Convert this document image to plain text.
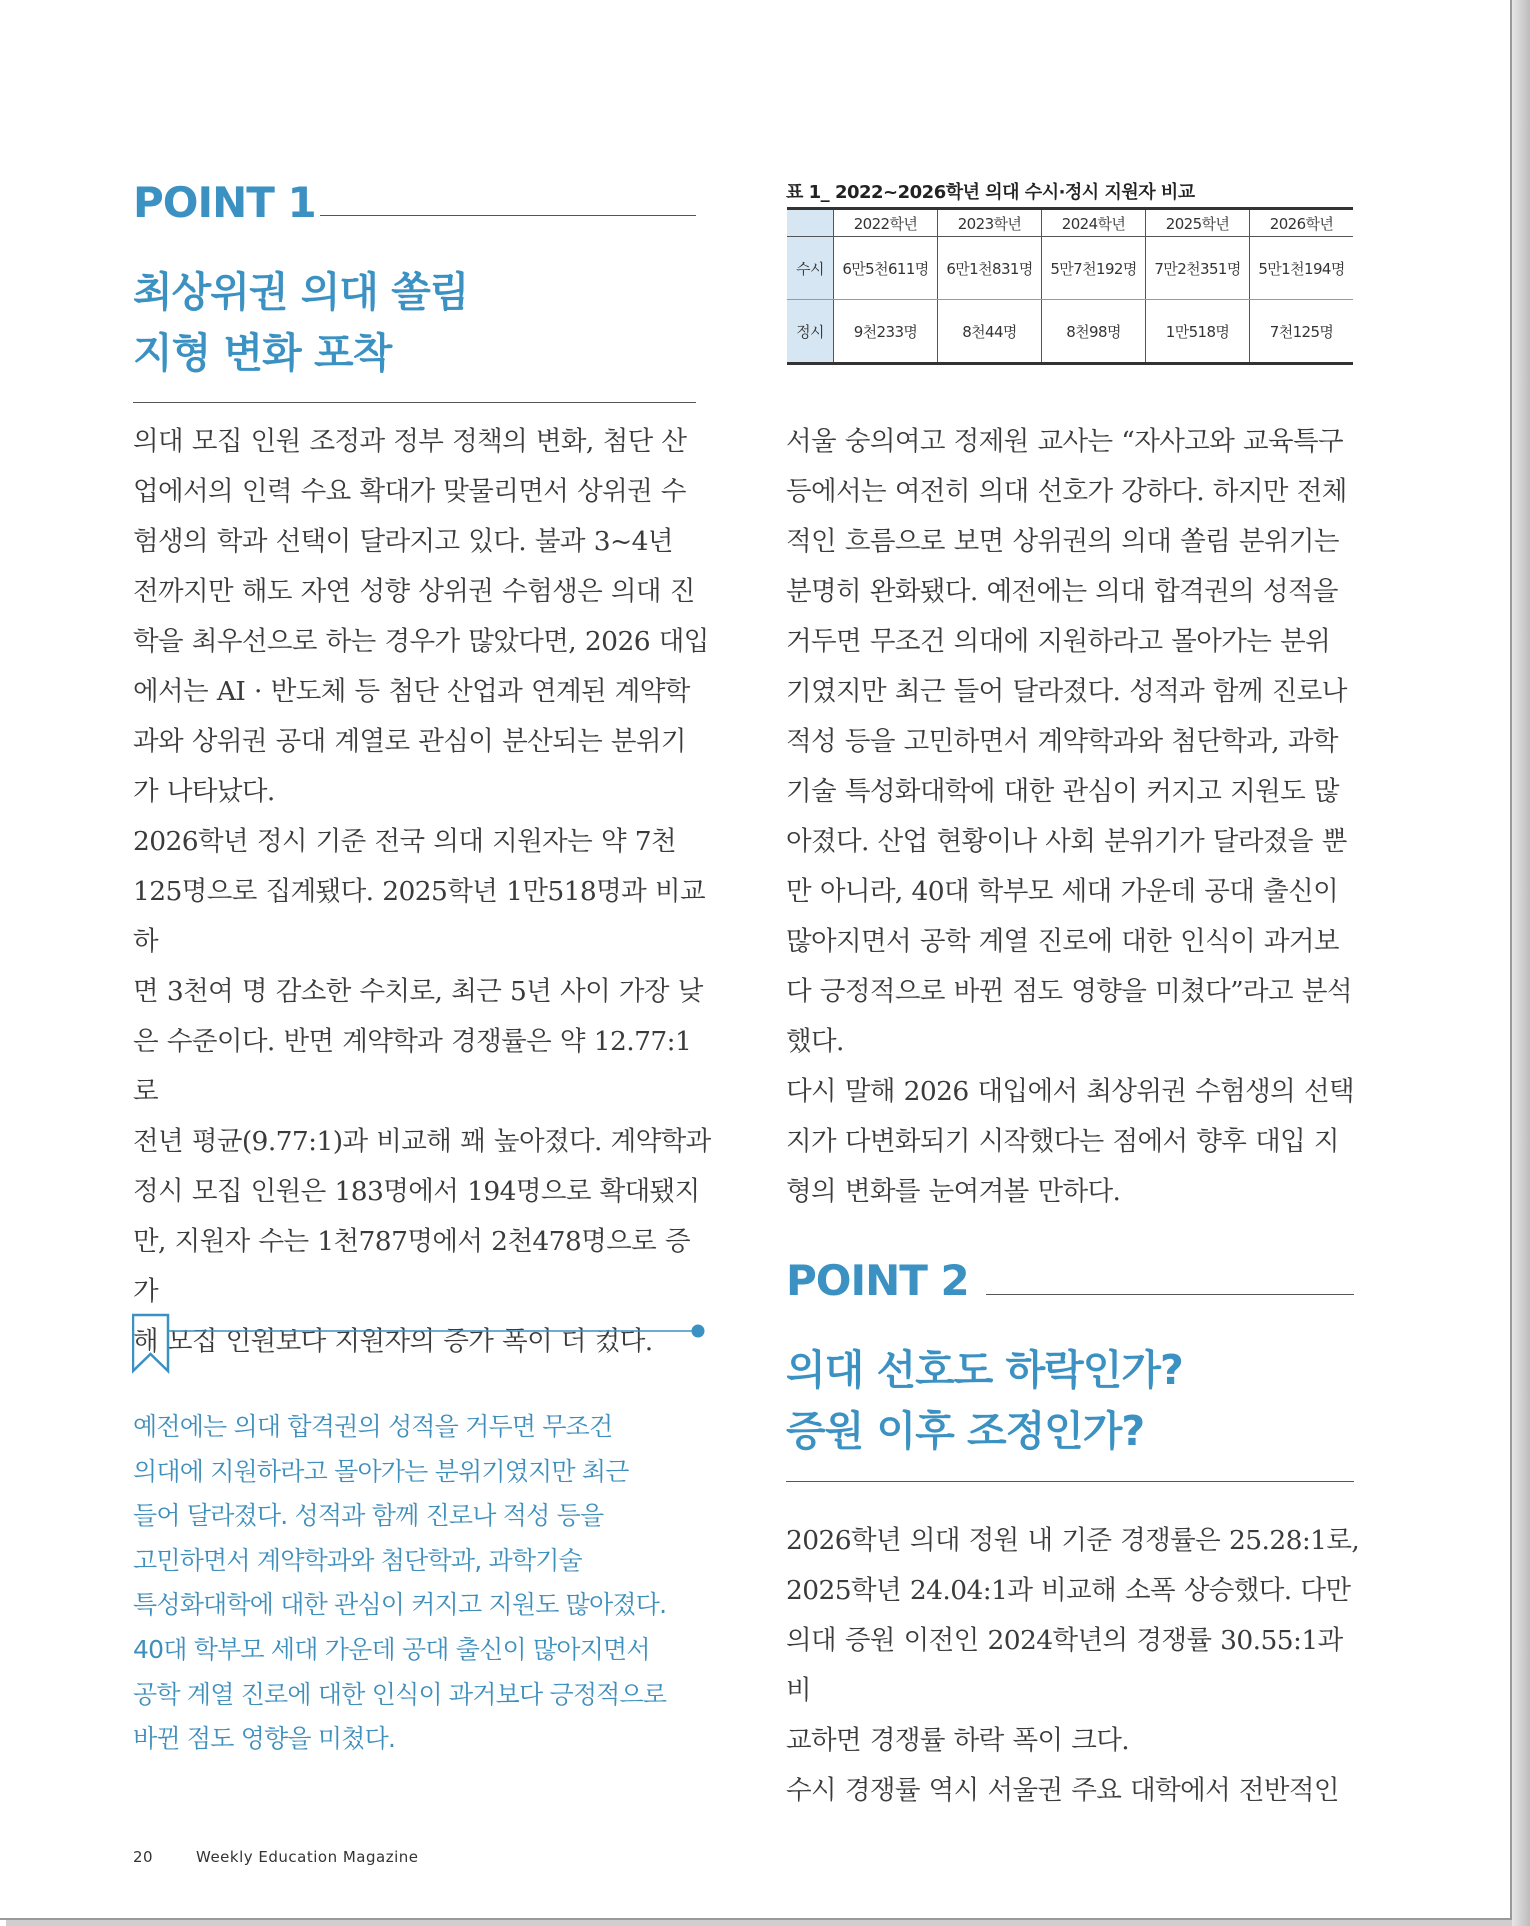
POINT 1
최상위권 의대 쏠림
지형 변화 포착
의대 모집 인원 조정과 정부 정책의 변화, 첨단 산
업에서의 인력 수요 확대가 맞물리면서 상위권 수
험생의 학과 선택이 달라지고 있다. 불과 3~4년
전까지만 해도 자연 성향 상위권 수험생은 의대 진
학을 최우선으로 하는 경우가 많았다면, 2026 대입
에서는 AI · 반도체 등 첨단 산업과 연계된 계약학
과와 상위권 공대 계열로 관심이 분산되는 분위기
가 나타났다.
2026학년 정시 기준 전국 의대 지원자는 약 7천
125명으로 집계됐다. 2025학년 1만518명과 비교하
면 3천여 명 감소한 수치로, 최근 5년 사이 가장 낮
은 수준이다. 반면 계약학과 경쟁률은 약 12.77:1로
전년 평균(9.77:1)과 비교해 꽤 높아졌다. 계약학과
정시 모집 인원은 183명에서 194명으로 확대됐지
만, 지원자 수는 1천787명에서 2천478명으로 증가
해 모집 인원보다 지원자의 증가 폭이 더 컸다.
예전에는 의대 합격권의 성적을 거두면 무조건
의대에 지원하라고 몰아가는 분위기였지만 최근
들어 달라졌다. 성적과 함께 진로나 적성 등을
고민하면서 계약학과와 첨단학과, 과학기술
특성화대학에 대한 관심이 커지고 지원도 많아졌다.
40대 학부모 세대 가운데 공대 출신이 많아지면서
공학 계열 진로에 대한 인식이 과거보다 긍정적으로
바뀐 점도 영향을 미쳤다.
표 1_ 2022~2026학년 의대 수시·정시 지원자 비교
	2022학년	2023학년	2024학년	2025학년	2026학년
수시	6만5천611명	6만1천831명	5만7천192명	7만2천351명	5만1천194명
정시	9천233명	8천44명	8천98명	1만518명	7천125명
서울 숭의여고 정제원 교사는 “자사고와 교육특구
등에서는 여전히 의대 선호가 강하다. 하지만 전체
적인 흐름으로 보면 상위권의 의대 쏠림 분위기는
분명히 완화됐다. 예전에는 의대 합격권의 성적을
거두면 무조건 의대에 지원하라고 몰아가는 분위
기였지만 최근 들어 달라졌다. 성적과 함께 진로나
적성 등을 고민하면서 계약학과와 첨단학과, 과학
기술 특성화대학에 대한 관심이 커지고 지원도 많
아졌다. 산업 현황이나 사회 분위기가 달라졌을 뿐
만 아니라, 40대 학부모 세대 가운데 공대 출신이
많아지면서 공학 계열 진로에 대한 인식이 과거보
다 긍정적으로 바뀐 점도 영향을 미쳤다”라고 분석
했다.
다시 말해 2026 대입에서 최상위권 수험생의 선택
지가 다변화되기 시작했다는 점에서 향후 대입 지
형의 변화를 눈여겨볼 만하다.
POINT 2
의대 선호도 하락인가?
증원 이후 조정인가?
2026학년 의대 정원 내 기준 경쟁률은 25.28:1로,
2025학년 24.04:1과 비교해 소폭 상승했다. 다만
의대 증원 이전인 2024학년의 경쟁률 30.55:1과 비
교하면 경쟁률 하락 폭이 크다.
수시 경쟁률 역시 서울권 주요 대학에서 전반적인
20	Weekly Education Magazine
